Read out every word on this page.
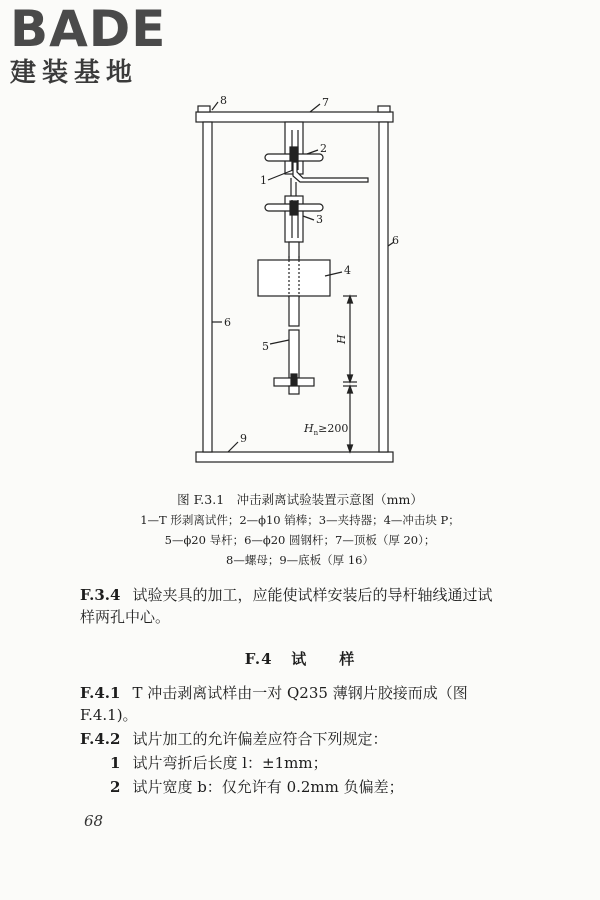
BADE
建装基地
8	7
2
1
3
6
4
6
5
9
H
$H_n\ge 200$
图 F.3.1　冲击剥离试验装置示意图（mm）
1—T 形剥离试件；2—ϕ10 销棒；3—夹持器；4—冲击块 P；
5—ϕ20 导杆；6—ϕ20 圆钢杆；7—顶板（厚 20）；
8—螺母；9—底板（厚 16）
F.3.4 试验夹具的加工，应能使试样安装后的导杆轴线通过试
样两孔中心。
F.4 试　　样
F.4.1 T 冲击剥离试样由一对 Q235 薄钢片胶接而成（图
F.4.1)。
F.4.2 试片加工的允许偏差应符合下列规定：
1 试片弯折后长度 l：±1mm；
2 试片宽度 b：仅允许有 0.2mm 负偏差；
68
